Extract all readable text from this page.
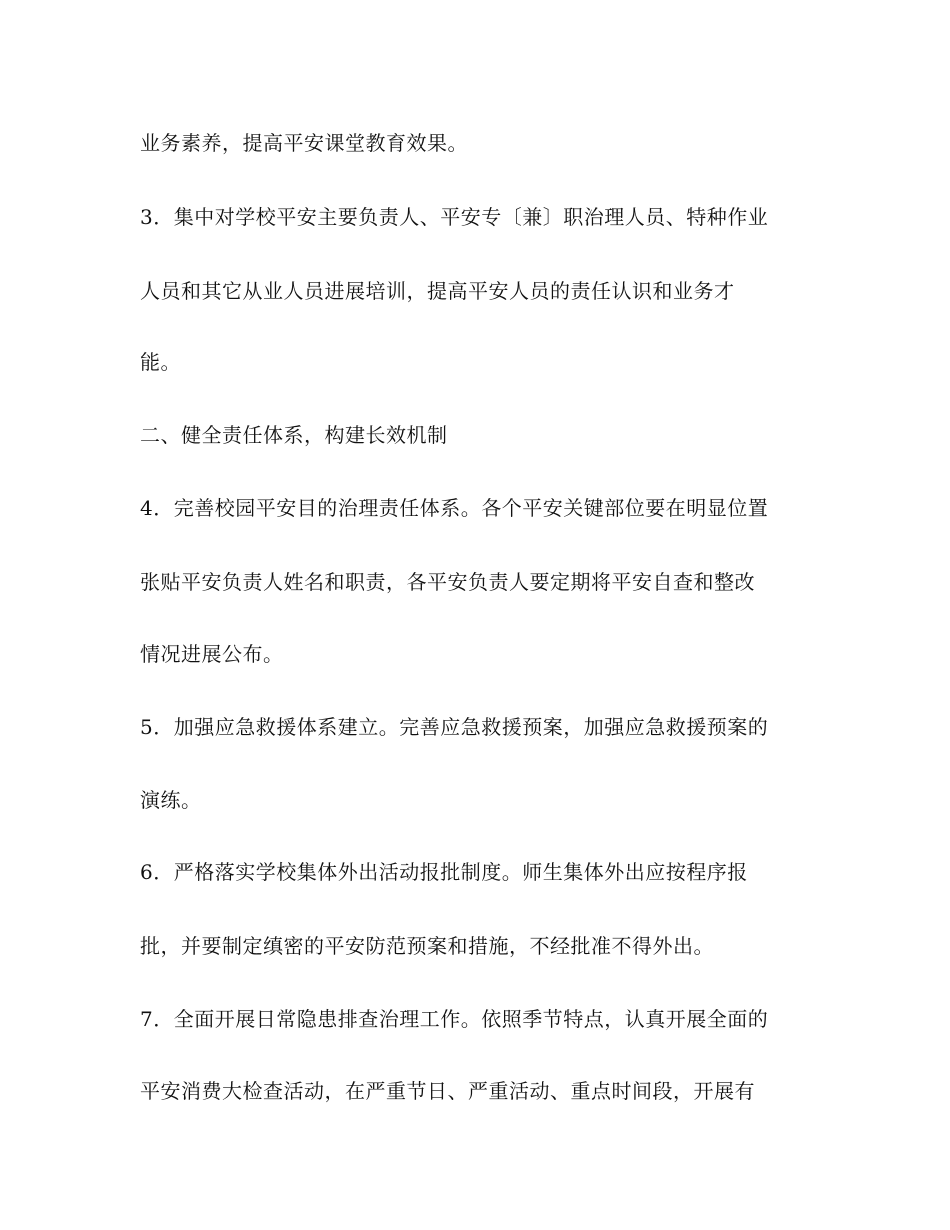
业务素养，提高平安课堂教育效果。
3．集中对学校平安主要负责人、平安专〔兼〕职治理人员、特种作业
人员和其它从业人员进展培训，提高平安人员的责任认识和业务才
能。
二、健全责任体系，构建长效机制
4．完善校园平安目的治理责任体系。各个平安关键部位要在明显位置
张贴平安负责人姓名和职责，各平安负责人要定期将平安自查和整改
情况进展公布。
5．加强应急救援体系建立。完善应急救援预案，加强应急救援预案的
演练。
6．严格落实学校集体外出活动报批制度。师生集体外出应按程序报
批，并要制定缜密的平安防范预案和措施，不经批准不得外出。
7．全面开展日常隐患排查治理工作。依照季节特点，认真开展全面的
平安消费大检查活动，在严重节日、严重活动、重点时间段，开展有
